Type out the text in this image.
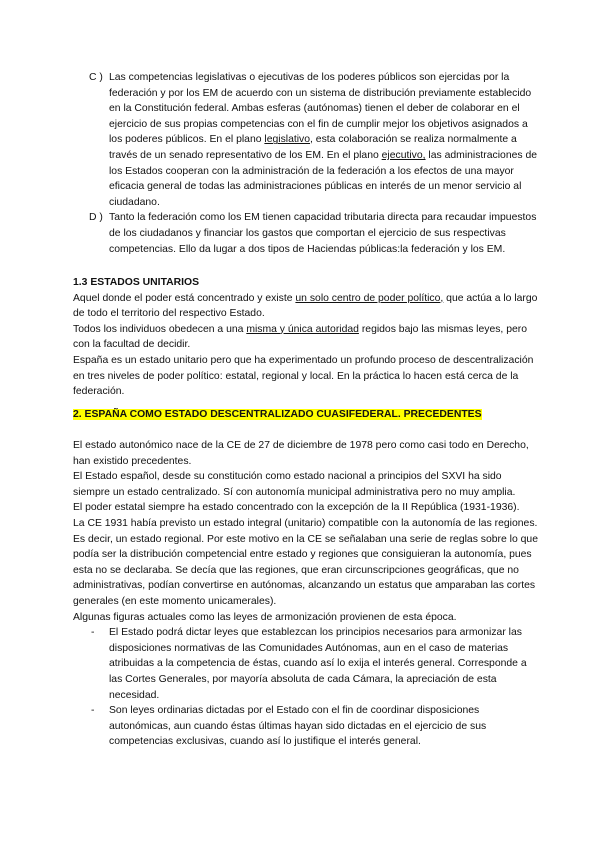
C ) Las competencias legislativas o ejecutivas de los poderes públicos son ejercidas por la federación y por los EM de acuerdo con un sistema de distribución previamente establecido en la Constitución federal. Ambas esferas (autónomas) tienen el deber de colaborar en el ejercicio de sus propias competencias con el fin de cumplir mejor los objetivos asignados a los poderes públicos. En el plano legislativo, esta colaboración se realiza normalmente a través de un senado representativo de los EM. En el plano ejecutivo, las administraciones de los Estados cooperan con la administración de la federación a los efectos de una mayor eficacia general de todas las administraciones públicas en interés de un menor servicio al ciudadano.

D ) Tanto la federación como los EM tienen capacidad tributaria directa para recaudar impuestos de los ciudadanos y financiar los gastos que comportan el ejercicio de sus respectivas competencias. Ello da lugar a dos tipos de Haciendas públicas:la federación y los EM.

1.3 ESTADOS UNITARIOS

Aquel donde el poder está concentrado y existe un solo centro de poder político, que actúa a lo largo de todo el territorio del respectivo Estado.

Todos los individuos obedecen a una misma y única autoridad regidos bajo las mismas leyes, pero con la facultad de decidir.

España es un estado unitario pero que ha experimentado un profundo proceso de descentralización en tres niveles de poder político: estatal, regional y local. En la práctica lo hacen está cerca de la federación.

2. ESPAÑA COMO ESTADO DESCENTRALIZADO CUASIFEDERAL. PRECEDENTES

El estado autonómico nace de la CE de 27 de diciembre de 1978 pero como casi todo en Derecho, han existido precedentes.

El Estado español, desde su constitución como estado nacional a principios del SXVI ha sido siempre un estado centralizado. Sí con autonomía municipal administrativa pero no muy amplia.

El poder estatal siempre ha estado concentrado con la excepción de la II República (1931-1936).

La CE 1931 había previsto un estado integral (unitario) compatible con la autonomía de las regiones. Es decir, un estado regional. Por este motivo en la CE se señalaban una serie de reglas sobre lo que podía ser la distribución competencial entre estado y regiones que consiguieran la autonomía, pues esta no se declaraba. Se decía que las regiones, que eran circunscripciones geográficas, que no administrativas, podían convertirse en autónomas, alcanzando un estatus que amparaban las cortes generales (en este momento unicamerales).

Algunas figuras actuales como las leyes de armonización provienen de esta época.

- El Estado podrá dictar leyes que establezcan los principios necesarios para armonizar las disposiciones normativas de las Comunidades Autónomas, aun en el caso de materias atribuidas a la competencia de éstas, cuando así lo exija el interés general. Corresponde a las Cortes Generales, por mayoría absoluta de cada Cámara, la apreciación de esta necesidad.

- Son leyes ordinarias dictadas por el Estado con el fin de coordinar disposiciones autonómicas, aun cuando éstas últimas hayan sido dictadas en el ejercicio de sus competencias exclusivas, cuando así lo justifique el interés general.
